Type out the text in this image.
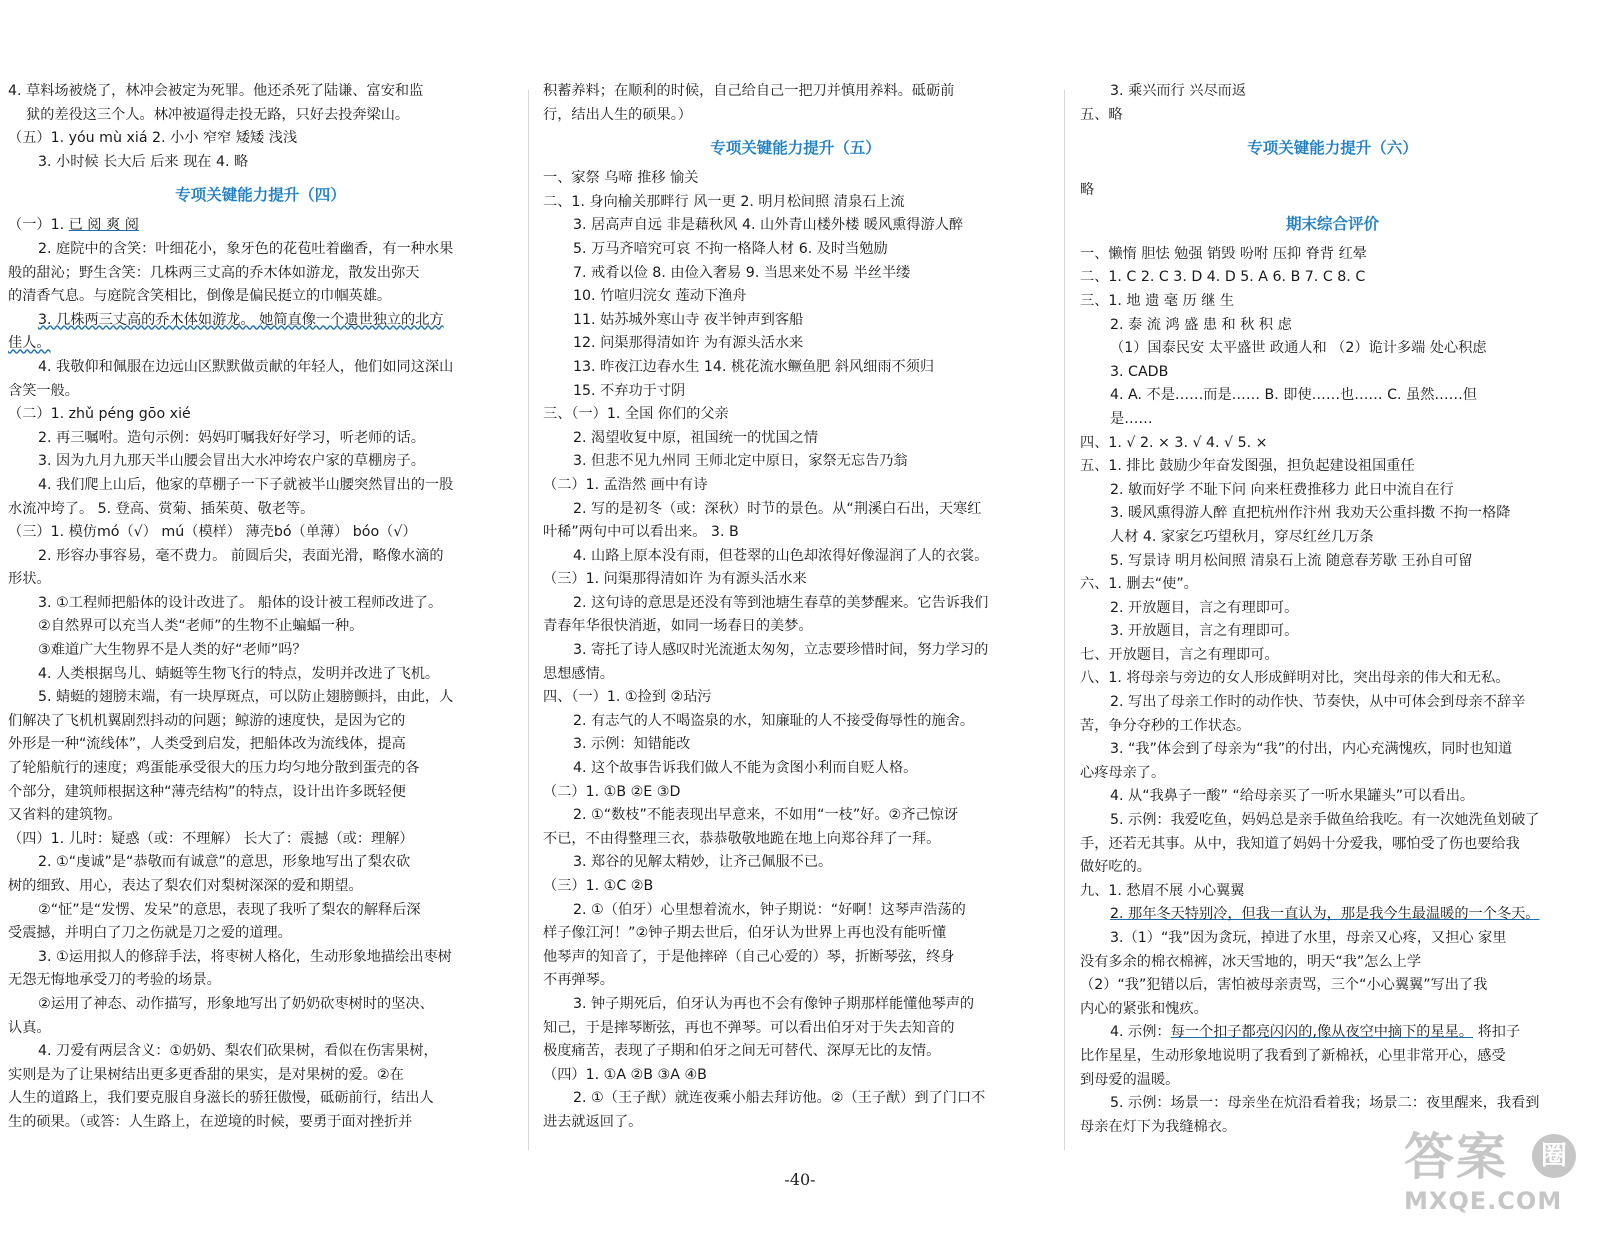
4. 草料场被烧了，林冲会被定为死罪。他还杀死了陆谦、富安和监
狱的差役这三个人。林冲被逼得走投无路，只好去投奔梁山。
（五）1. yóu mù xiá 2. 小小 窄窄 矮矮 浅浅
3. 小时候 长大后 后来 现在 4. 略
专项关键能力提升（四）
（一）1. 已 阅 爽 阅
2. 庭院中的含笑：叶细花小，象牙色的花苞吐着幽香，有一种水果
般的甜沁；野生含笑：几株两三丈高的乔木体如游龙，散发出弥天
的清香气息。与庭院含笑相比，倒像是偏民挺立的巾帼英雄。
3. 几株两三丈高的乔木体如游龙。 她简直像一个遗世独立的北方
佳人。
4. 我敬仰和佩服在边远山区默默做贡献的年轻人，他们如同这深山
含笑一般。
（二）1. zhǔ péng gōo xié
2. 再三嘱咐。造句示例：妈妈叮嘱我好好学习，听老师的话。
3. 因为九月九那天半山腰会冒出大水冲垮农户家的草棚房子。
4. 我们爬上山后，他家的草棚子一下子就被半山腰突然冒出的一股
水流冲垮了。 5. 登高、赏菊、插茱萸、敬老等。
（三）1. 模仿mó（√） mú（模样） 薄壳bó（单薄） bóo（√）
2. 形容办事容易，毫不费力。 前圆后尖，表面光滑，略像水滴的
形状。
3. ①工程师把船体的设计改进了。 船体的设计被工程师改进了。
②自然界可以充当人类“老师”的生物不止蝙蝠一种。
③难道广大生物界不是人类的好“老师”吗？
4. 人类根据鸟儿、蜻蜓等生物飞行的特点，发明并改进了飞机。
5. 蜻蜓的翅膀末端，有一块厚斑点，可以防止翅膀颤抖，由此，人
们解决了飞机机翼剧烈抖动的问题；鲸游的速度快，是因为它的
外形是一种“流线体”，人类受到启发，把船体改为流线体，提高
了轮船航行的速度；鸡蛋能承受很大的压力均匀地分散到蛋壳的各
个部分，建筑师根据这种“薄壳结构”的特点，设计出许多既轻便
又省料的建筑物。
（四）1. 儿时：疑惑（或：不理解） 长大了：震撼（或：理解）
2. ①“虔诚”是“恭敬而有诚意”的意思，形象地写出了梨农砍
树的细致、用心，表达了梨农们对梨树深深的爱和期望。
②“怔”是“发愣、发呆”的意思，表现了我听了梨农的解释后深
受震撼，并明白了刀之伤就是刀之爱的道理。
3. ①运用拟人的修辞手法，将枣树人格化，生动形象地描绘出枣树
无怨无悔地承受刀的考验的场景。
②运用了神态、动作描写，形象地写出了奶奶砍枣树时的坚决、
认真。
4. 刀爱有两层含义：①奶奶、梨农们砍果树，看似在伤害果树，
实则是为了让果树结出更多更香甜的果实，是对果树的爱。②在
人生的道路上，我们要克服自身滋长的骄狂傲慢，砥砺前行，结出人
生的硕果。（或答：人生路上，在逆境的时候，要勇于面对挫折并
积蓄养料；在顺利的时候，自己给自己一把刀并慎用养料。砥砺前
行，结出人生的硕果。）
专项关键能力提升（五）
一、家祭 乌啼 推移 愉关
二、1. 身向榆关那畔行 风一更 2. 明月松间照 清泉石上流
3. 居高声自远 非是藉秋风 4. 山外青山楼外楼 暖风熏得游人醉
5. 万马齐喑究可哀 不拘一格降人材 6. 及时当勉励
7. 戒肴以俭 8. 由俭入奢易 9. 当思来处不易 半丝半缕
10. 竹喧归浣女 莲动下渔舟
11. 姑苏城外寒山寺 夜半钟声到客船
12. 问渠那得清如许 为有源头活水来
13. 昨夜江边春水生 14. 桃花流水鳜鱼肥 斜风细雨不须归
15. 不弃功于寸阴
三、（一）1. 全国 你们的父亲
2. 渴望收复中原，祖国统一的忧国之情
3. 但悲不见九州同 王师北定中原日，家祭无忘告乃翁
（二）1. 孟浩然 画中有诗
2. 写的是初冬（或：深秋）时节的景色。从“荆溪白石出，天寒红
叶稀”两句中可以看出来。 3. B
4. 山路上原本没有雨，但苍翠的山色却浓得好像湿润了人的衣裳。
（三）1. 问渠那得清如许 为有源头活水来
2. 这句诗的意思是还没有等到池塘生春草的美梦醒来。它告诉我们
青春年华很快消逝，如同一场春日的美梦。
3. 寄托了诗人感叹时光流逝太匆匆，立志要珍惜时间，努力学习的
思想感情。
四、（一）1. ①捡到 ②玷污
2. 有志气的人不喝盗泉的水，知廉耻的人不接受侮辱性的施舍。
3. 示例：知错能改
4. 这个故事告诉我们做人不能为贪图小利而自贬人格。
（二）1. ①B ②E ③D
2. ①“数枝”不能表现出早意来，不如用“一枝”好。②齐己惊讶
不已，不由得整理三衣，恭恭敬敬地跪在地上向郑谷拜了一拜。
3. 郑谷的见解太精妙，让齐己佩服不已。
（三）1. ①C ②B
2. ①（伯牙）心里想着流水，钟子期说：“好啊！这琴声浩荡的
样子像江河！”②钟子期去世后，伯牙认为世界上再也没有能听懂
他琴声的知音了，于是他摔碎（自己心爱的）琴，折断琴弦，终身
不再弹琴。
3. 钟子期死后，伯牙认为再也不会有像钟子期那样能懂他琴声的
知己，于是摔琴断弦，再也不弹琴。可以看出伯牙对于失去知音的
极度痛苦，表现了子期和伯牙之间无可替代、深厚无比的友情。
（四）1. ①A ②B ③A ④B
2. ①（王子猷）就连夜乘小船去拜访他。②（王子猷）到了门口不
进去就返回了。
3. 乘兴而行 兴尽而返
五、略
专项关键能力提升（六）
略
期末综合评价
一、懒惰 胆怯 勉强 销毁 吩咐 压抑 脊背 红晕
二、1. C 2. C 3. D 4. D 5. A 6. B 7. C 8. C
三、1. 地 遗 毫 历 继 生
2. 泰 流 鸿 盛 患 和 秋 积 虑
（1）国泰民安 太平盛世 政通人和 （2）诡计多端 处心积虑
3. CADB
4. A. 不是……而是…… B. 即使……也…… C. 虽然……但
是……
四、1. √ 2. × 3. √ 4. √ 5. ×
五、1. 排比 鼓励少年奋发图强，担负起建设祖国重任
2. 敏而好学 不耻下问 向来枉费推移力 此日中流自在行
3. 暖风熏得游人醉 直把杭州作汴州 我劝天公重抖擞 不拘一格降
人材 4. 家家乞巧望秋月，穿尽红丝几万条
5. 写景诗 明月松间照 清泉石上流 随意春芳歇 王孙自可留
六、1. 删去“使”。
2. 开放题目，言之有理即可。
3. 开放题目，言之有理即可。
七、开放题目，言之有理即可。
八、1. 将母亲与旁边的女人形成鲜明对比，突出母亲的伟大和无私。
2. 写出了母亲工作时的动作快、节奏快，从中可体会到母亲不辞辛
苦，争分夺秒的工作状态。
3. “我”体会到了母亲为“我”的付出，内心充满愧疚，同时也知道
心疼母亲了。
4. 从“我鼻子一酸” “给母亲买了一听水果罐头”可以看出。
5. 示例：我爱吃鱼，妈妈总是亲手做鱼给我吃。有一次她洗鱼划破了
手，还若无其事。从中，我知道了妈妈十分爱我，哪怕受了伤也要给我
做好吃的。
九、1. 愁眉不展 小心翼翼
2. 那年冬天特别冷，但我一直认为，那是我今生最温暖的一个冬天。
3.（1）“我”因为贪玩，掉进了水里，母亲又心疼，又担心 家里
没有多余的棉衣棉裤，冰天雪地的，明天“我”怎么上学
（2）“我”犯错以后，害怕被母亲责骂，三个“小心翼翼”写出了我
内心的紧张和愧疚。
4. 示例：每一个扣子都亮闪闪的,像从夜空中摘下的星星。 将扣子
比作星星，生动形象地说明了我看到了新棉袄，心里非常开心，感受
到母爱的温暖。
5. 示例：场景一：母亲坐在炕沿看着我；场景二：夜里醒来，我看到
母亲在灯下为我缝棉衣。
-40-	答案	圈
MXQE.COM
